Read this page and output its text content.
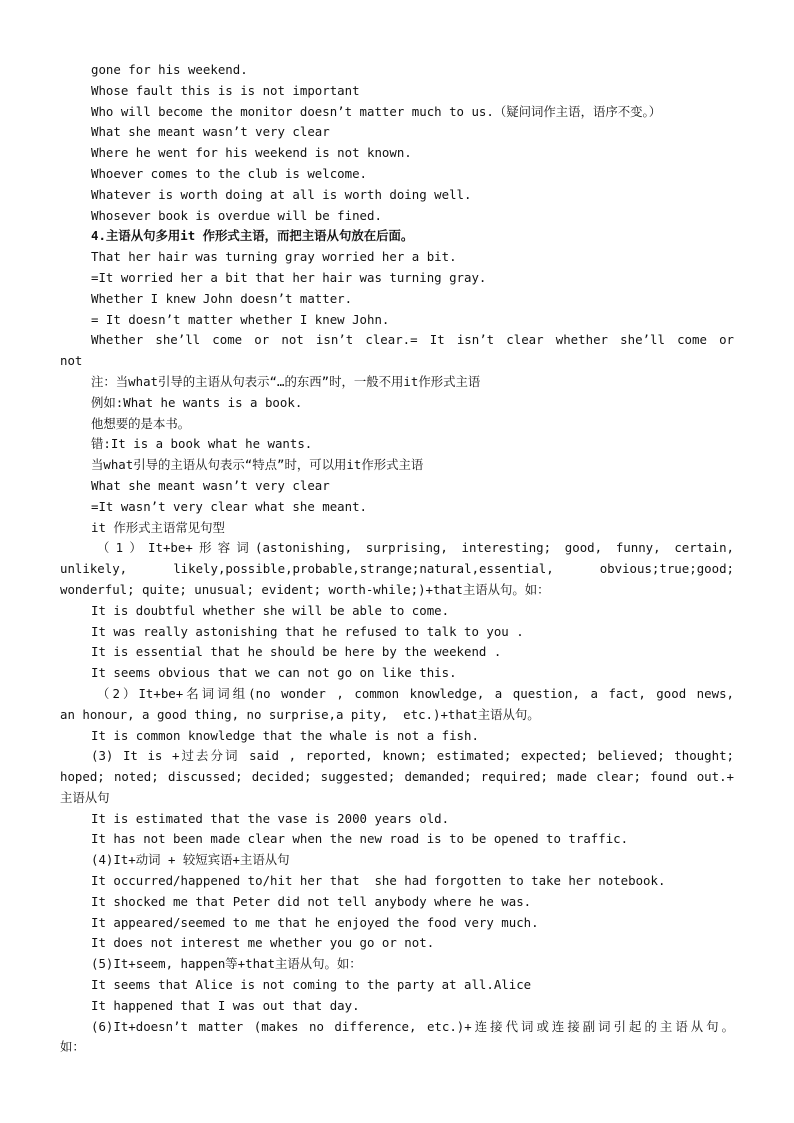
gone for his weekend.
Whose fault this is is not important
Who will become the monitor doesn’t matter much to us.（疑问词作主语，语序不变。）
What she meant wasn’t very clear
Where he went for his weekend is not known.
Whoever comes to the club is welcome.
Whatever is worth doing at all is worth doing well.
Whosever book is overdue will be fined.
4.主语从句多用it 作形式主语，而把主语从句放在后面。
That her hair was turning gray worried her a bit.
=It worried her a bit that her hair was turning gray.
Whether I knew John doesn’t matter.
= It doesn’t matter whether I knew John.
Whether she’ll come or not isn’t clear.= It isn’t clear whether she’ll come or
not
注：当what引导的主语从句表示“…的东西”时，一般不用it作形式主语
例如:What he wants is a book.
他想要的是本书。
错:It is a book what he wants.
当what引导的主语从句表示“特点”时，可以用it作形式主语
What she meant wasn’t very clear
=It wasn’t very clear what she meant.
it 作形式主语常见句型
（1）It+be+形容词(astonishing, surprising, interesting; good, funny, certain,
unlikely, likely,possible,probable,strange;natural,essential, obvious;true;good;
wonderful; quite; unusual; evident; worth-while;)+that主语从句。如：
It is doubtful whether she will be able to come.
It was really astonishing that he refused to talk to you .
It is essential that he should be here by the weekend .
It seems obvious that we can not go on like this.
（2）It+be+名词词组(no wonder , common knowledge, a question, a fact, good news,
an honour, a good thing, no surprise,a pity,  etc.)+that主语从句。
It is common knowledge that the whale is not a fish.
(3) It is +过去分词 said , reported, known; estimated; expected; believed; thought;
hoped; noted; discussed; decided; suggested; demanded; required; made clear; found out.+
主语从句
It is estimated that the vase is 2000 years old.
It has not been made clear when the new road is to be opened to traffic.
(4)It+动词 + 较短宾语+主语从句
It occurred/happened to/hit her that  she had forgotten to take her notebook.
It shocked me that Peter did not tell anybody where he was.
It appeared/seemed to me that he enjoyed the food very much.
It does not interest me whether you go or not.
(5)It+seem, happen等+that主语从句。如：
It seems that Alice is not coming to the party at all.Alice
It happened that I was out that day.
(6)It+doesn’t matter (makes no difference, etc.)+连接代词或连接副词引起的主语从句。
如：
